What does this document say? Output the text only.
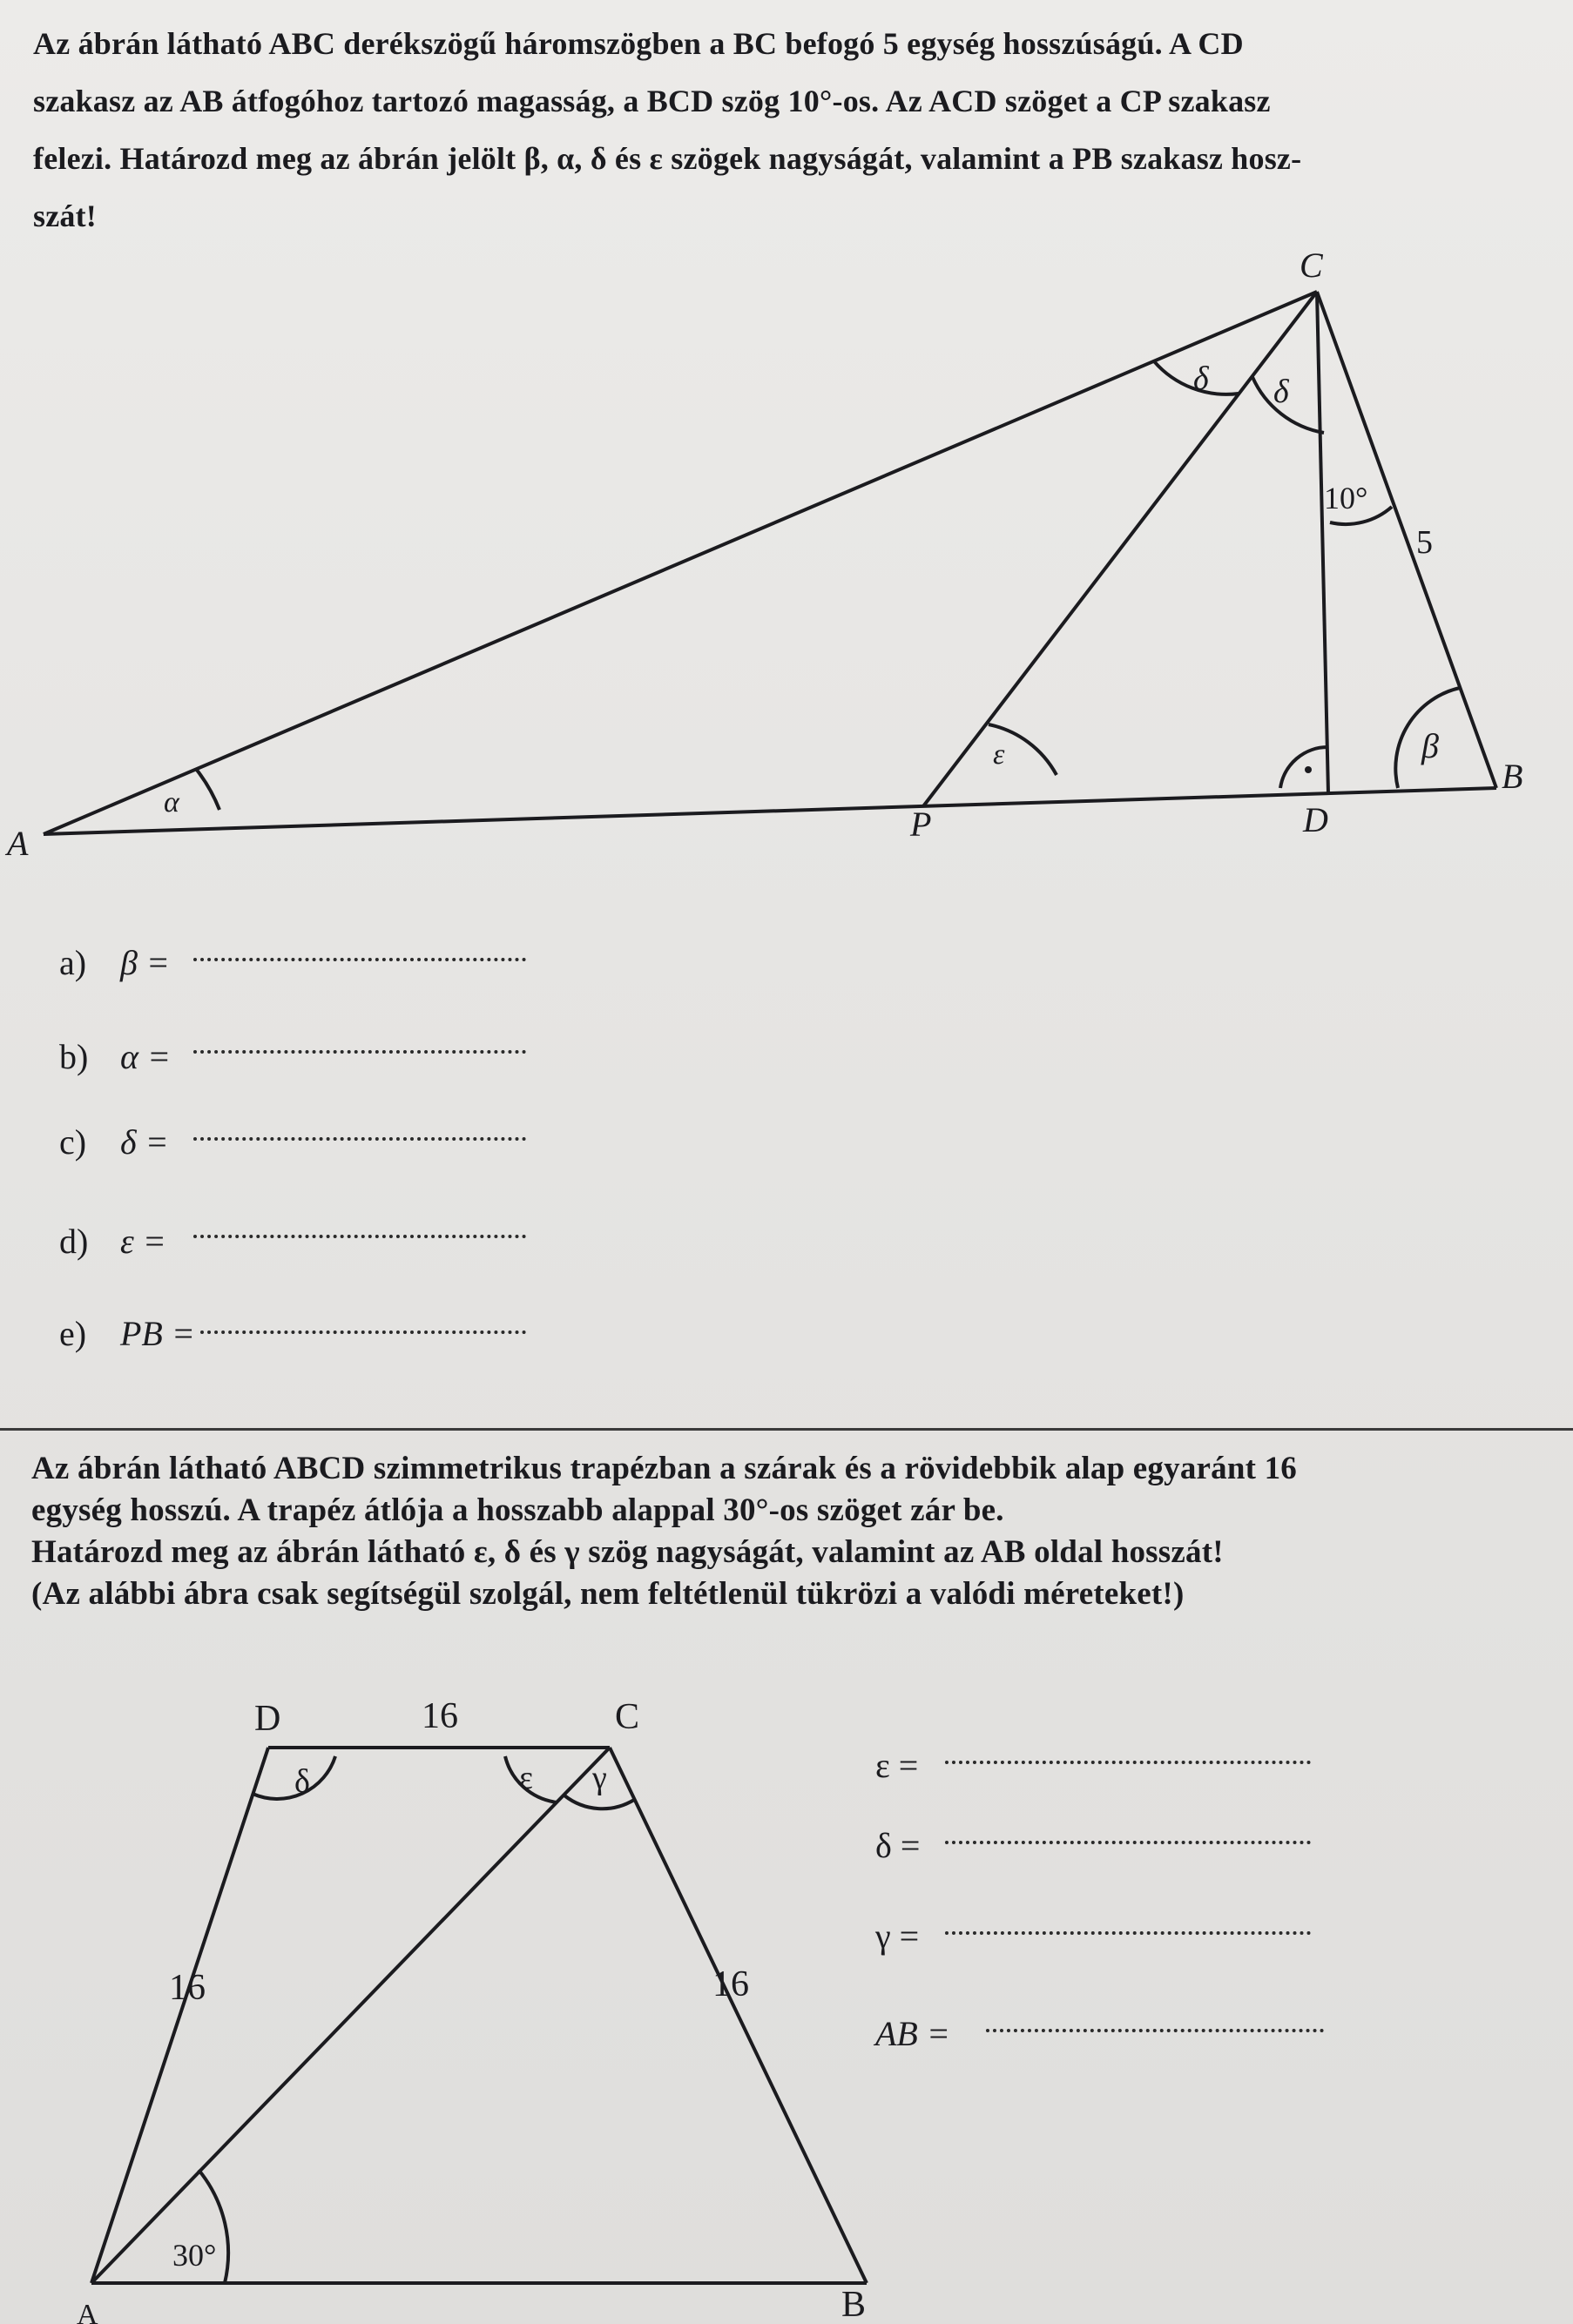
Az ábrán látható ABC derékszögű háromszögben a BC befogó 5 egység hosszúságú. A CD
szakasz az AB átfogóhoz tartozó magasság, a BCD szög 10°-os. Az ACD szöget a CP szakasz
felezi. Határozd meg az ábrán jelölt β, α, δ és ε szögek nagyságát, valamint a PB szakasz hosz-
szát!

A
B
C
D
P
δ δ
10°
β
α
ε
5
a) β =
b) α =
c) δ =
d) ε =
e) PB =

Az ábrán látható ABCD szimmetrikus trapézban a szárak és a rövidebbik alap egyaránt 16
egység hosszú. A trapéz átlója a hosszabb alappal 30°-os szöget zár be.
Határozd meg az ábrán látható ε, δ és γ szög nagyságát, valamint az AB oldal hosszát!
(Az alábbi ábra csak segítségül szolgál, nem feltétlenül tükrözi a valódi méreteket!)

A	B
C
D	16
16	16
δ	ε γ
30°
ε =
δ =
γ =
AB =
